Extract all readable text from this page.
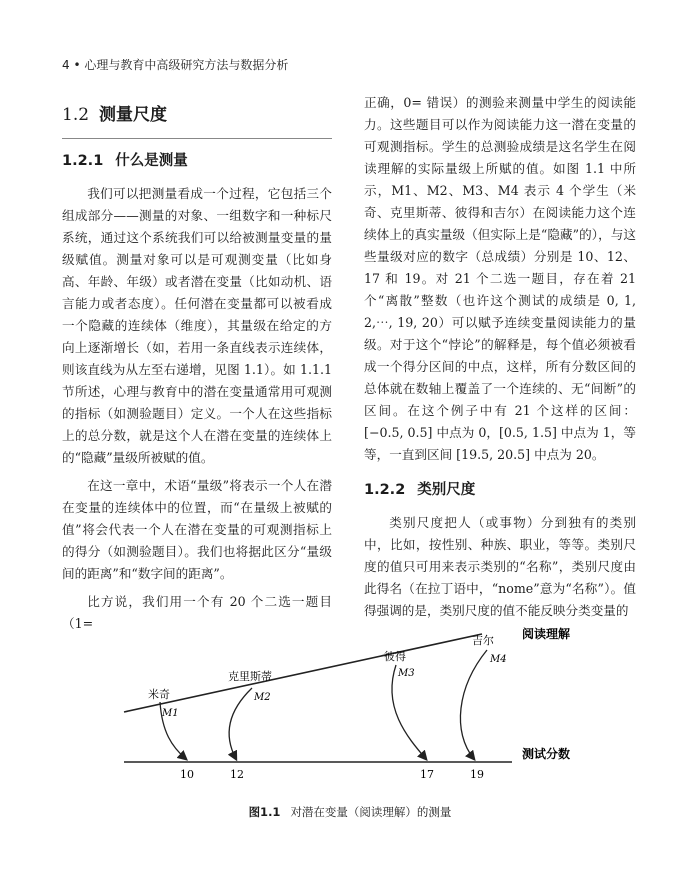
4 • 心理与教育中高级研究方法与数据分析
1.2 测量尺度
1.2.1 什么是测量

我们可以把测量看成一个过程，它包括三个组成部分——测量的对象、一组数字和一种标尺系统，通过这个系统我们可以给被测量变量的量级赋值。测量对象可以是可观测变量（比如身高、年龄、年级）或者潜在变量（比如动机、语言能力或者态度）。任何潜在变量都可以被看成一个隐藏的连续体（维度），其量级在给定的方向上逐渐增长（如，若用一条直线表示连续体，则该直线为从左至右递增，见图 1.1）。如 1.1.1 节所述，心理与教育中的潜在变量通常用可观测的指标（如测验题目）定义。一个人在这些指标上的总分数，就是这个人在潜在变量的连续体上的“隐藏”量级所被赋的值。

在这一章中，术语“量级”将表示一个人在潜在变量的连续体中的位置，而“在量级上被赋的值”将会代表一个人在潜在变量的可观测指标上的得分（如测验题目）。我们也将据此区分“量级间的距离”和“数字间的距离”。

比方说，我们用一个有 20 个二选一题目（1=

正确，0= 错误）的测验来测量中学生的阅读能力。这些题目可以作为阅读能力这一潜在变量的可观测指标。学生的总测验成绩是这名学生在阅读理解的实际量级上所赋的值。如图 1.1 中所示，M1、M2、M3、M4 表示 4 个学生（米奇、克里斯蒂、彼得和吉尔）在阅读能力这个连续体上的真实量级（但实际上是“隐藏”的），与这些量级对应的数字（总成绩）分别是 10、12、17 和 19。对 21 个二选一题目，存在着 21 个“离散”整数（也许这个测试的成绩是 0, 1, 2,⋯, 19, 20）可以赋予连续变量阅读能力的量级。对于这个“悖论”的解释是，每个值必须被看成一个得分区间的中点，这样，所有分数区间的总体就在数轴上覆盖了一个连续的、无“间断”的区间。在这个例子中有 21 个这样的区间：[−0.5, 0.5] 中点为 0，[0.5, 1.5] 中点为 1，等等，一直到区间 [19.5, 20.5] 中点为 20。

1.2.2 类别尺度

类别尺度把人（或事物）分到独有的类别中，比如，按性别、种族、职业，等等。类别尺度的值只可用来表示类别的“名称”，类别尺度由此得名（在拉丁语中，“nome”意为“名称”）。值得强调的是，类别尺度的值不能反映分类变量的

阅读理解
测试分数
米奇
克里斯蒂
彼得
吉尔
M1
M2
M3
M4
10	12	17	19
图1.1 对潜在变量（阅读理解）的测量
